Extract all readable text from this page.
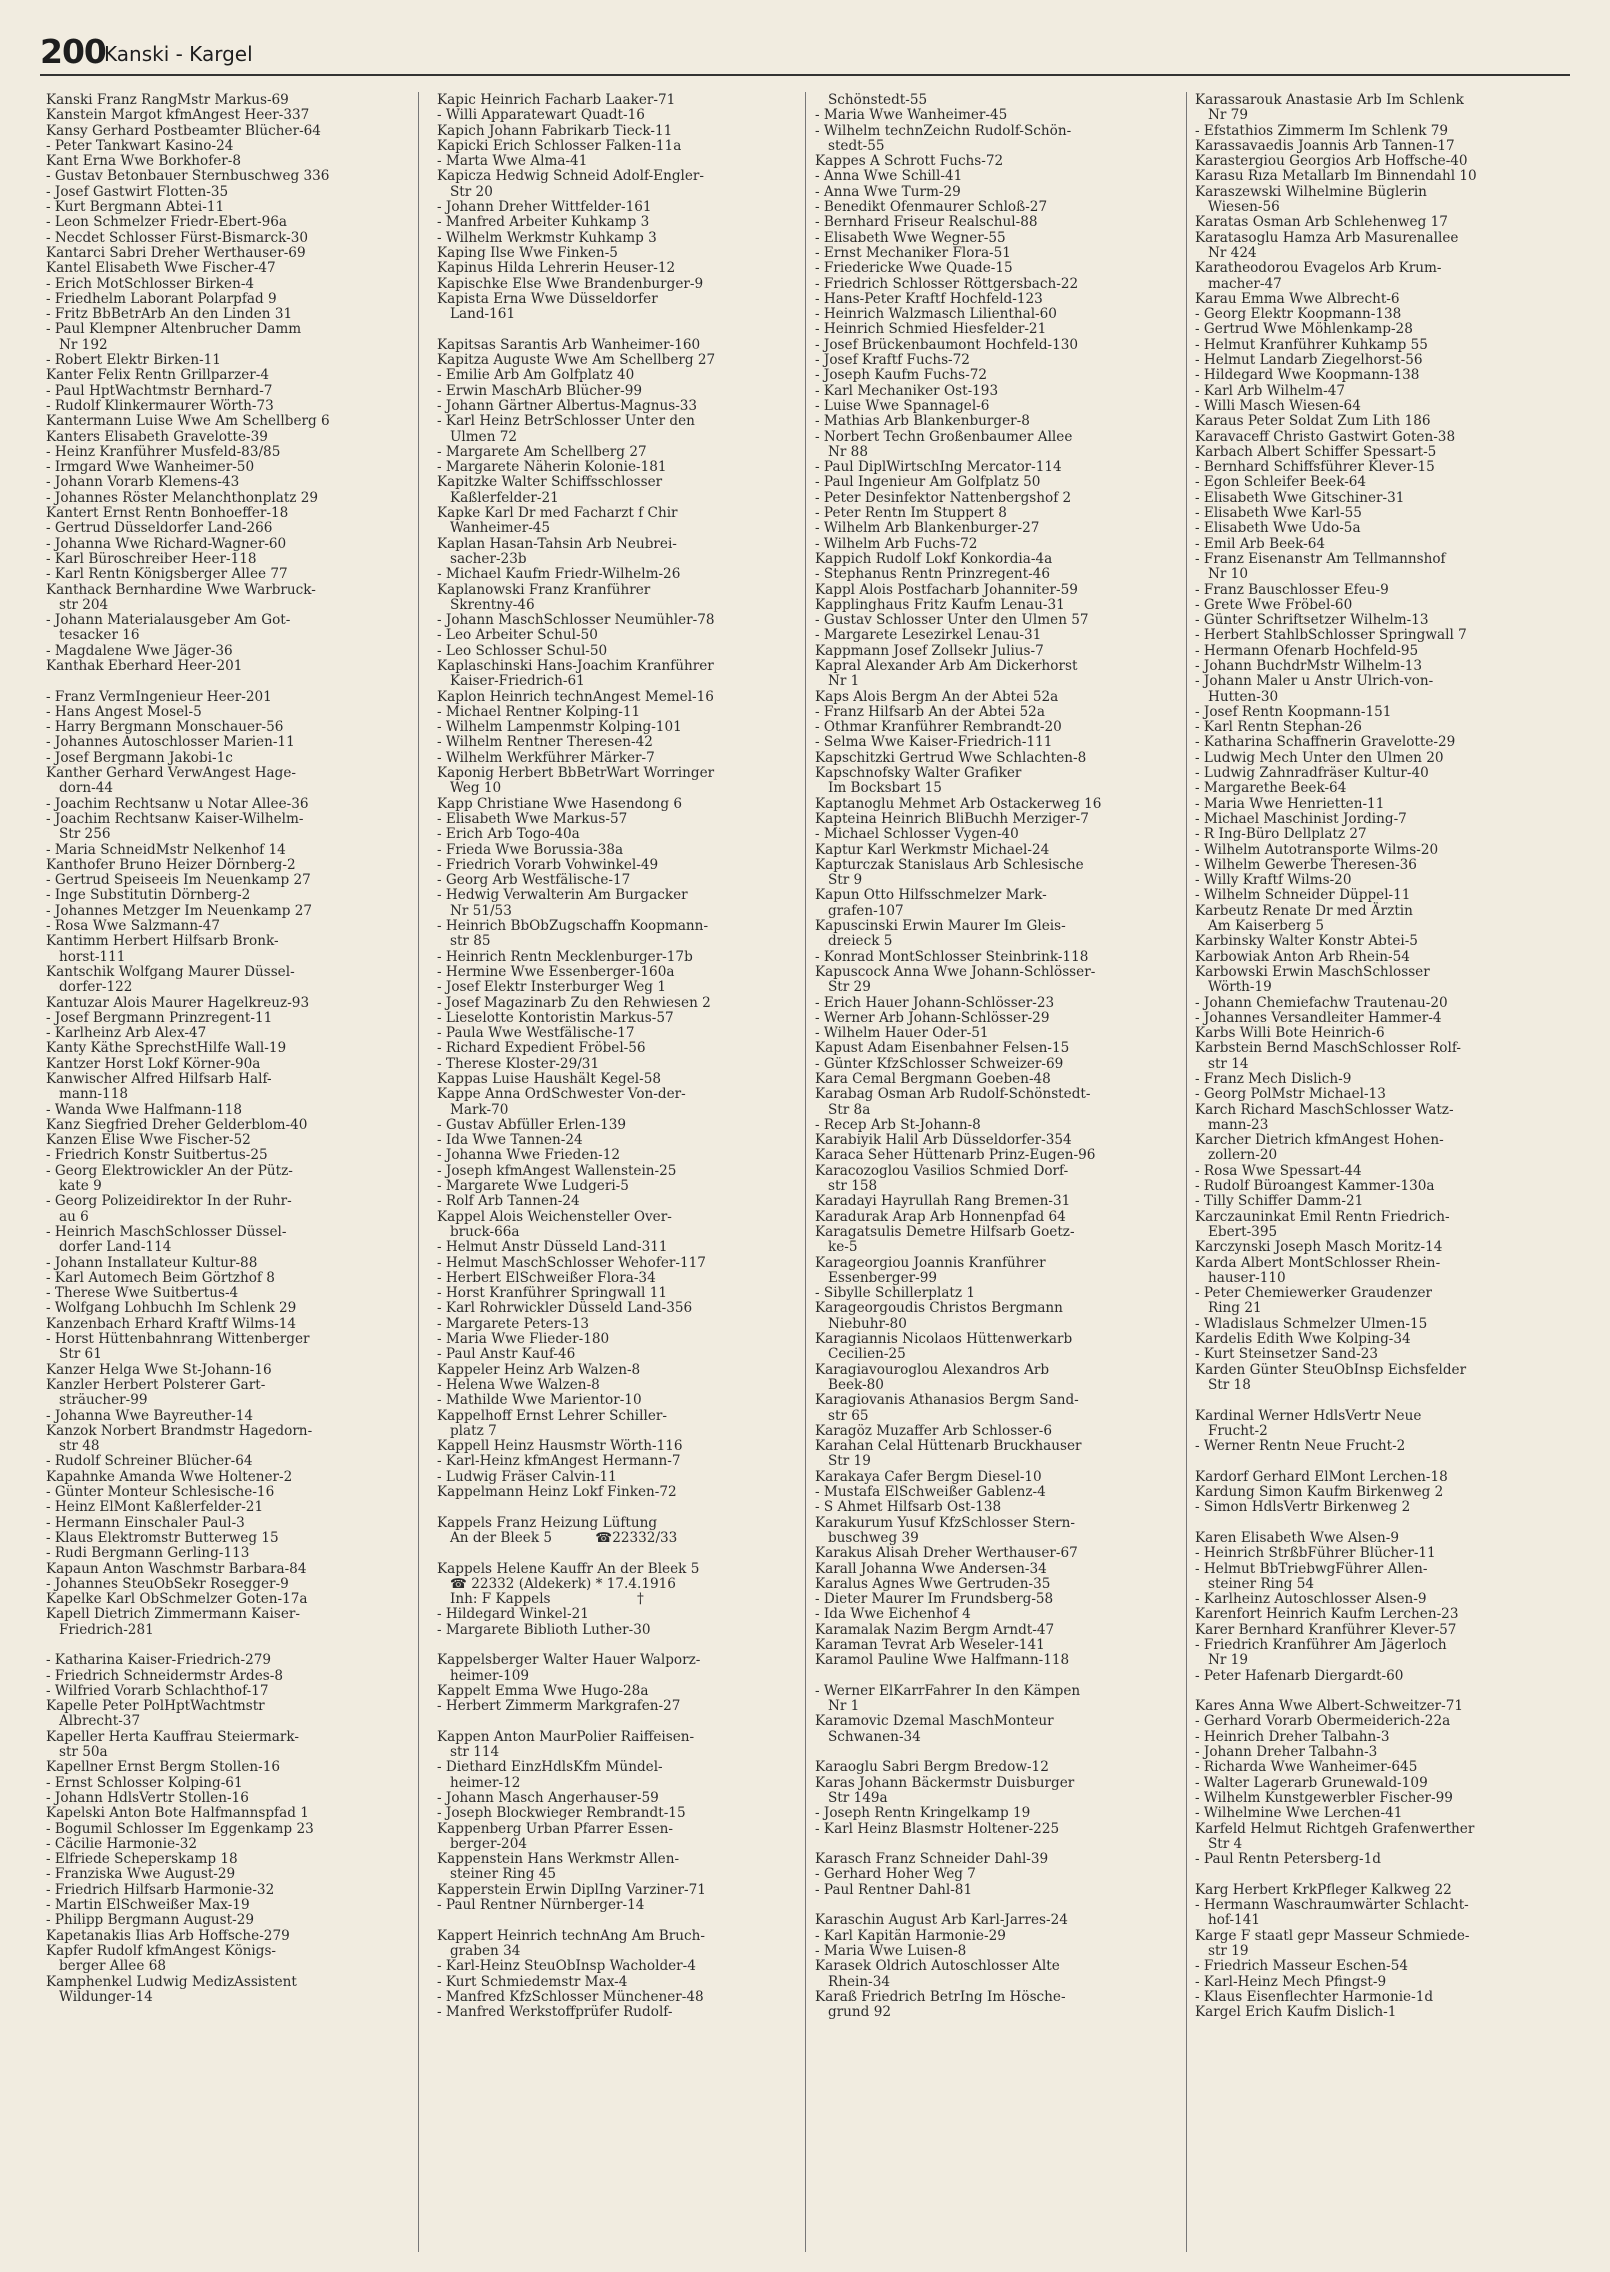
200
Kanski - Kargel
Kanski Franz RangMstr Markus-69
Kanstein Margot kfmAngest Heer-337
Kansy Gerhard Postbeamter Blücher-64
- Peter Tankwart Kasino-24
Kant Erna Wwe Borkhofer-8
- Gustav Betonbauer Sternbuschweg 336
- Josef Gastwirt Flotten-35
- Kurt Bergmann Abtei-11
- Leon Schmelzer Friedr-Ebert-96a
- Necdet Schlosser Fürst-Bismarck-30
Kantarci Sabri Dreher Werthauser-69
Kantel Elisabeth Wwe Fischer-47
- Erich MotSchlosser Birken-4
- Friedhelm Laborant Polarpfad 9
- Fritz BbBetrArb An den Linden 31
- Paul Klempner Altenbrucher Damm
Nr 192
- Robert Elektr Birken-11
Kanter Felix Rentn Grillparzer-4
- Paul HptWachtmstr Bernhard-7
- Rudolf Klinkermaurer Wörth-73
Kantermann Luise Wwe Am Schellberg 6
Kanters Elisabeth Gravelotte-39
- Heinz Kranführer Musfeld-83/85
- Irmgard Wwe Wanheimer-50
- Johann Vorarb Klemens-43
- Johannes Röster Melanchthonplatz 29
Kantert Ernst Rentn Bonhoeffer-18
- Gertrud Düsseldorfer Land-266
- Johanna Wwe Richard-Wagner-60
- Karl Büroschreiber Heer-118
- Karl Rentn Königsberger Allee 77
Kanthack Bernhardine Wwe Warbruck-
str 204
- Johann Materialausgeber Am Got-
tesacker 16
- Magdalene Wwe Jäger-36
Kanthak Eberhard Heer-201
- Franz VermIngenieur Heer-201
- Hans Angest Mosel-5
- Harry Bergmann Monschauer-56
- Johannes Autoschlosser Marien-11
- Josef Bergmann Jakobi-1c
Kanther Gerhard VerwAngest Hage-
dorn-44
- Joachim Rechtsanw u Notar Allee-36
- Joachim Rechtsanw Kaiser-Wilhelm-
Str 256
- Maria SchneidMstr Nelkenhof 14
Kanthofer Bruno Heizer Dörnberg-2
- Gertrud Speiseeis Im Neuenkamp 27
- Inge Substitutin Dörnberg-2
- Johannes Metzger Im Neuenkamp 27
- Rosa Wwe Salzmann-47
Kantimm Herbert Hilfsarb Bronk-
horst-111
Kantschik Wolfgang Maurer Düssel-
dorfer-122
Kantuzar Alois Maurer Hagelkreuz-93
- Josef Bergmann Prinzregent-11
- Karlheinz Arb Alex-47
Kanty Käthe SprechstHilfe Wall-19
Kantzer Horst Lokf Körner-90a
Kanwischer Alfred Hilfsarb Half-
mann-118
- Wanda Wwe Halfmann-118
Kanz Siegfried Dreher Gelderblom-40
Kanzen Elise Wwe Fischer-52
- Friedrich Konstr Suitbertus-25
- Georg Elektrowickler An der Pütz-
kate 9
- Georg Polizeidirektor In der Ruhr-
au 6
- Heinrich MaschSchlosser Düssel-
dorfer Land-114
- Johann Installateur Kultur-88
- Karl Automech Beim Görtzhof 8
- Therese Wwe Suitbertus-4
- Wolfgang Lohbuchh Im Schlenk 29
Kanzenbach Erhard Kraftf Wilms-14
- Horst Hüttenbahnrang Wittenberger
Str 61
Kanzer Helga Wwe St-Johann-16
Kanzler Herbert Polsterer Gart-
sträucher-99
- Johanna Wwe Bayreuther-14
Kanzok Norbert Brandmstr Hagedorn-
str 48
- Rudolf Schreiner Blücher-64
Kapahnke Amanda Wwe Holtener-2
- Günter Monteur Schlesische-16
- Heinz ElMont Kaßlerfelder-21
- Hermann Einschaler Paul-3
- Klaus Elektromstr Butterweg 15
- Rudi Bergmann Gerling-113
Kapaun Anton Waschmstr Barbara-84
- Johannes SteuObSekr Rosegger-9
Kapelke Karl ObSchmelzer Goten-17a
Kapell Dietrich Zimmermann Kaiser-
Friedrich-281
- Katharina Kaiser-Friedrich-279
- Friedrich Schneidermstr Ardes-8
- Wilfried Vorarb Schlachthof-17
Kapelle Peter PolHptWachtmstr
Albrecht-37
Kapeller Herta Kauffrau Steiermark-
str 50a
Kapellner Ernst Bergm Stollen-16
- Ernst Schlosser Kolping-61
- Johann HdlsVertr Stollen-16
Kapelski Anton Bote Halfmannspfad 1
- Bogumil Schlosser Im Eggenkamp 23
- Cäcilie Harmonie-32
- Elfriede Scheperskamp 18
- Franziska Wwe August-29
- Friedrich Hilfsarb Harmonie-32
- Martin ElSchweißer Max-19
- Philipp Bergmann August-29
Kapetanakis Ilias Arb Hoffsche-279
Kapfer Rudolf kfmAngest Königs-
berger Allee 68
Kamphenkel Ludwig MedizAssistent
Wildunger-14
Kapic Heinrich Facharb Laaker-71
- Willi Apparatewart Quadt-16
Kapich Johann Fabrikarb Tieck-11
Kapicki Erich Schlosser Falken-11a
- Marta Wwe Alma-41
Kapicza Hedwig Schneid Adolf-Engler-
Str 20
- Johann Dreher Wittfelder-161
- Manfred Arbeiter Kuhkamp 3
- Wilhelm Werkmstr Kuhkamp 3
Kaping Ilse Wwe Finken-5
Kapinus Hilda Lehrerin Heuser-12
Kapischke Else Wwe Brandenburger-9
Kapista Erna Wwe Düsseldorfer
Land-161
Kapitsas Sarantis Arb Wanheimer-160
Kapitza Auguste Wwe Am Schellberg 27
- Emilie Arb Am Golfplatz 40
- Erwin MaschArb Blücher-99
- Johann Gärtner Albertus-Magnus-33
- Karl Heinz BetrSchlosser Unter den
Ulmen 72
- Margarete Am Schellberg 27
- Margarete Näherin Kolonie-181
Kapitzke Walter Schiffsschlosser
Kaßlerfelder-21
Kapke Karl Dr med Facharzt f Chir
Wanheimer-45
Kaplan Hasan-Tahsin Arb Neubrei-
sacher-23b
- Michael Kaufm Friedr-Wilhelm-26
Kaplanowski Franz Kranführer
Skrentny-46
- Johann MaschSchlosser Neumühler-78
- Leo Arbeiter Schul-50
- Leo Schlosser Schul-50
Kaplaschinski Hans-Joachim Kranführer
Kaiser-Friedrich-61
Kaplon Heinrich technAngest Memel-16
- Michael Rentner Kolping-11
- Wilhelm Lampenmstr Kolping-101
- Wilhelm Rentner Theresen-42
- Wilhelm Werkführer Märker-7
Kaponig Herbert BbBetrWart Worringer
Weg 10
Kapp Christiane Wwe Hasendong 6
- Elisabeth Wwe Markus-57
- Erich Arb Togo-40a
- Frieda Wwe Borussia-38a
- Friedrich Vorarb Vohwinkel-49
- Georg Arb Westfälische-17
- Hedwig Verwalterin Am Burgacker
Nr 51/53
- Heinrich BbObZugschaffn Koopmann-
str 85
- Heinrich Rentn Mecklenburger-17b
- Hermine Wwe Essenberger-160a
- Josef Elektr Insterburger Weg 1
- Josef Magazinarb Zu den Rehwiesen 2
- Lieselotte Kontoristin Markus-57
- Paula Wwe Westfälische-17
- Richard Expedient Fröbel-56
- Therese Kloster-29/31
Kappas Luise Haushält Kegel-58
Kappe Anna OrdSchwester Von-der-
Mark-70
- Gustav Abfüller Erlen-139
- Ida Wwe Tannen-24
- Johanna Wwe Frieden-12
- Joseph kfmAngest Wallenstein-25
- Margarete Wwe Ludgeri-5
- Rolf Arb Tannen-24
Kappel Alois Weichensteller Over-
bruck-66a
- Helmut Anstr Düsseld Land-311
- Helmut MaschSchlosser Wehofer-117
- Herbert ElSchweißer Flora-34
- Horst Kranführer Springwall 11
- Karl Rohrwickler Düsseld Land-356
- Margarete Peters-13
- Maria Wwe Flieder-180
- Paul Anstr Kauf-46
Kappeler Heinz Arb Walzen-8
- Helena Wwe Walzen-8
- Mathilde Wwe Marientor-10
Kappelhoff Ernst Lehrer Schiller-
platz 7
Kappell Heinz Hausmstr Wörth-116
- Karl-Heinz kfmAngest Hermann-7
- Ludwig Fräser Calvin-11
Kappelmann Heinz Lokf Finken-72
Kappels Franz Heizung Lüftung
An der Bleek 5          ☎22332/33
Kappels Helene Kauffr An der Bleek 5
☎ 22332 (Aldekerk) * 17.4.1916
Inh: F Kappels                    †
- Hildegard Winkel-21
- Margarete Biblioth Luther-30
Kappelsberger Walter Hauer Walporz-
heimer-109
Kappelt Emma Wwe Hugo-28a
- Herbert Zimmerm Markgrafen-27
Kappen Anton MaurPolier Raiffeisen-
str 114
- Diethard EinzHdlsKfm Mündel-
heimer-12
- Johann Masch Angerhauser-59
- Joseph Blockwieger Rembrandt-15
Kappenberg Urban Pfarrer Essen-
berger-204
Kappenstein Hans Werkmstr Allen-
steiner Ring 45
Kapperstein Erwin DiplIng Varziner-71
- Paul Rentner Nürnberger-14
Kappert Heinrich technAng Am Bruch-
graben 34
- Karl-Heinz SteuObInsp Wacholder-4
- Kurt Schmiedemstr Max-4
- Manfred KfzSchlosser Münchener-48
- Manfred Werkstoffprüfer Rudolf-
Schönstedt-55
- Maria Wwe Wanheimer-45
- Wilhelm technZeichn Rudolf-Schön-
stedt-55
Kappes A Schrott Fuchs-72
- Anna Wwe Schill-41
- Anna Wwe Turm-29
- Benedikt Ofenmaurer Schloß-27
- Bernhard Friseur Realschul-88
- Elisabeth Wwe Wegner-55
- Ernst Mechaniker Flora-51
- Friedericke Wwe Quade-15
- Friedrich Schlosser Röttgersbach-22
- Hans-Peter Kraftf Hochfeld-123
- Heinrich Walzmasch Lilienthal-60
- Heinrich Schmied Hiesfelder-21
- Josef Brückenbaumont Hochfeld-130
- Josef Kraftf Fuchs-72
- Joseph Kaufm Fuchs-72
- Karl Mechaniker Ost-193
- Luise Wwe Spannagel-6
- Mathias Arb Blankenburger-8
- Norbert Techn Großenbaumer Allee
Nr 88
- Paul DiplWirtschIng Mercator-114
- Paul Ingenieur Am Golfplatz 50
- Peter Desinfektor Nattenbergshof 2
- Peter Rentn Im Stuppert 8
- Wilhelm Arb Blankenburger-27
- Wilhelm Arb Fuchs-72
Kappich Rudolf Lokf Konkordia-4a
- Stephanus Rentn Prinzregent-46
Kappl Alois Postfacharb Johanniter-59
Kapplinghaus Fritz Kaufm Lenau-31
- Gustav Schlosser Unter den Ulmen 57
- Margarete Lesezirkel Lenau-31
Kappmann Josef Zollsekr Julius-7
Kapral Alexander Arb Am Dickerhorst
Nr 1
Kaps Alois Bergm An der Abtei 52a
- Franz Hilfsarb An der Abtei 52a
- Othmar Kranführer Rembrandt-20
- Selma Wwe Kaiser-Friedrich-111
Kapschitzki Gertrud Wwe Schlachten-8
Kapschnofsky Walter Grafiker
Im Bocksbart 15
Kaptanoglu Mehmet Arb Ostackerweg 16
Kapteina Heinrich BliBuchh Merziger-7
- Michael Schlosser Vygen-40
Kaptur Karl Werkmstr Michael-24
Kapturczak Stanislaus Arb Schlesische
Str 9
Kapun Otto Hilfsschmelzer Mark-
grafen-107
Kapuscinski Erwin Maurer Im Gleis-
dreieck 5
- Konrad MontSchlosser Steinbrink-118
Kapuscock Anna Wwe Johann-Schlösser-
Str 29
- Erich Hauer Johann-Schlösser-23
- Werner Arb Johann-Schlösser-29
- Wilhelm Hauer Oder-51
Kapust Adam Eisenbahner Felsen-15
- Günter KfzSchlosser Schweizer-69
Kara Cemal Bergmann Goeben-48
Karabag Osman Arb Rudolf-Schönstedt-
Str 8a
- Recep Arb St-Johann-8
Karabiyik Halil Arb Düsseldorfer-354
Karaca Seher Hüttenarb Prinz-Eugen-96
Karacozoglou Vasilios Schmied Dorf-
str 158
Karadayi Hayrullah Rang Bremen-31
Karadurak Arap Arb Honnenpfad 64
Karagatsulis Demetre Hilfsarb Goetz-
ke-5
Karageorgiou Joannis Kranführer
Essenberger-99
- Sibylle Schillerplatz 1
Karageorgoudis Christos Bergmann
Niebuhr-80
Karagiannis Nicolaos Hüttenwerkarb
Cecilien-25
Karagiavouroglou Alexandros Arb
Beek-80
Karagiovanis Athanasios Bergm Sand-
str 65
Karagöz Muzaffer Arb Schlosser-6
Karahan Celal Hüttenarb Bruckhauser
Str 19
Karakaya Cafer Bergm Diesel-10
- Mustafa ElSchweißer Gablenz-4
- S Ahmet Hilfsarb Ost-138
Karakurum Yusuf KfzSchlosser Stern-
buschweg 39
Karakus Alisah Dreher Werthauser-67
Karall Johanna Wwe Andersen-34
Karalus Agnes Wwe Gertruden-35
- Dieter Maurer Im Frundsberg-58
- Ida Wwe Eichenhof 4
Karamalak Nazim Bergm Arndt-47
Karaman Tevrat Arb Weseler-141
Karamol Pauline Wwe Halfmann-118
- Werner ElKarrFahrer In den Kämpen
Nr 1
Karamovic Dzemal MaschMonteur
Schwanen-34
Karaoglu Sabri Bergm Bredow-12
Karas Johann Bäckermstr Duisburger
Str 149a
- Joseph Rentn Kringelkamp 19
- Karl Heinz Blasmstr Holtener-225
Karasch Franz Schneider Dahl-39
- Gerhard Hoher Weg 7
- Paul Rentner Dahl-81
Karaschin August Arb Karl-Jarres-24
- Karl Kapitän Harmonie-29
- Maria Wwe Luisen-8
Karasek Oldrich Autoschlosser Alte
Rhein-34
Karaß Friedrich BetrIng Im Hösche-
grund 92
Karassarouk Anastasie Arb Im Schlenk
Nr 79
- Efstathios Zimmerm Im Schlenk 79
Karassavaedis Joannis Arb Tannen-17
Karastergiou Georgios Arb Hoffsche-40
Karasu Rıza Metallarb Im Binnendahl 10
Karaszewski Wilhelmine Büglerin
Wiesen-56
Karatas Osman Arb Schlehenweg 17
Karatasoglu Hamza Arb Masurenallee
Nr 424
Karatheodorou Evagelos Arb Krum-
macher-47
Karau Emma Wwe Albrecht-6
- Georg Elektr Koopmann-138
- Gertrud Wwe Möhlenkamp-28
- Helmut Kranführer Kuhkamp 55
- Helmut Landarb Ziegelhorst-56
- Hildegard Wwe Koopmann-138
- Karl Arb Wilhelm-47
- Willi Masch Wiesen-64
Karaus Peter Soldat Zum Lith 186
Karavaceff Christo Gastwirt Goten-38
Karbach Albert Schiffer Spessart-5
- Bernhard Schiffsführer Klever-15
- Egon Schleifer Beek-64
- Elisabeth Wwe Gitschiner-31
- Elisabeth Wwe Karl-55
- Elisabeth Wwe Udo-5a
- Emil Arb Beek-64
- Franz Eisenanstr Am Tellmannshof
Nr 10
- Franz Bauschlosser Efeu-9
- Grete Wwe Fröbel-60
- Günter Schriftsetzer Wilhelm-13
- Herbert StahlbSchlosser Springwall 7
- Hermann Ofenarb Hochfeld-95
- Johann BuchdrMstr Wilhelm-13
- Johann Maler u Anstr Ulrich-von-
Hutten-30
- Josef Rentn Koopmann-151
- Karl Rentn Stephan-26
- Katharina Schaffnerin Gravelotte-29
- Ludwig Mech Unter den Ulmen 20
- Ludwig Zahnradfräser Kultur-40
- Margarethe Beek-64
- Maria Wwe Henrietten-11
- Michael Maschinist Jording-7
- R Ing-Büro Dellplatz 27
- Wilhelm Autotransporte Wilms-20
- Wilhelm Gewerbe Theresen-36
- Willy Kraftf Wilms-20
- Wilhelm Schneider Düppel-11
Karbeutz Renate Dr med Ärztin
Am Kaiserberg 5
Karbinsky Walter Konstr Abtei-5
Karbowiak Anton Arb Rhein-54
Karbowski Erwin MaschSchlosser
Wörth-19
- Johann Chemiefachw Trautenau-20
- Johannes Versandleiter Hammer-4
Karbs Willi Bote Heinrich-6
Karbstein Bernd MaschSchlosser Rolf-
str 14
- Franz Mech Dislich-9
- Georg PolMstr Michael-13
Karch Richard MaschSchlosser Watz-
mann-23
Karcher Dietrich kfmAngest Hohen-
zollern-20
- Rosa Wwe Spessart-44
- Rudolf Büroangest Kammer-130a
- Tilly Schiffer Damm-21
Karczauninkat Emil Rentn Friedrich-
Ebert-395
Karczynski Joseph Masch Moritz-14
Karda Albert MontSchlosser Rhein-
hauser-110
- Peter Chemiewerker Graudenzer
Ring 21
- Wladislaus Schmelzer Ulmen-15
Kardelis Edith Wwe Kolping-34
- Kurt Steinsetzer Sand-23
Karden Günter SteuObInsp Eichsfelder
Str 18
Kardinal Werner HdlsVertr Neue
Frucht-2
- Werner Rentn Neue Frucht-2
Kardorf Gerhard ElMont Lerchen-18
Kardung Simon Kaufm Birkenweg 2
- Simon HdlsVertr Birkenweg 2
Karen Elisabeth Wwe Alsen-9
- Heinrich StrßbFührer Blücher-11
- Helmut BbTriebwgFührer Allen-
steiner Ring 54
- Karlheinz Autoschlosser Alsen-9
Karenfort Heinrich Kaufm Lerchen-23
Karer Bernhard Kranführer Klever-57
- Friedrich Kranführer Am Jägerloch
Nr 19
- Peter Hafenarb Diergardt-60
Kares Anna Wwe Albert-Schweitzer-71
- Gerhard Vorarb Obermeiderich-22a
- Heinrich Dreher Talbahn-3
- Johann Dreher Talbahn-3
- Richarda Wwe Wanheimer-645
- Walter Lagerarb Grunewald-109
- Wilhelm Kunstgewerbler Fischer-99
- Wilhelmine Wwe Lerchen-41
Karfeld Helmut Richtgeh Grafenwerther
Str 4
- Paul Rentn Petersberg-1d
Karg Herbert KrkPfleger Kalkweg 22
- Hermann Waschraumwärter Schlacht-
hof-141
Karge F staatl gepr Masseur Schmiede-
str 19
- Friedrich Masseur Eschen-54
- Karl-Heinz Mech Pfingst-9
- Klaus Eisenflechter Harmonie-1d
Kargel Erich Kaufm Dislich-1
